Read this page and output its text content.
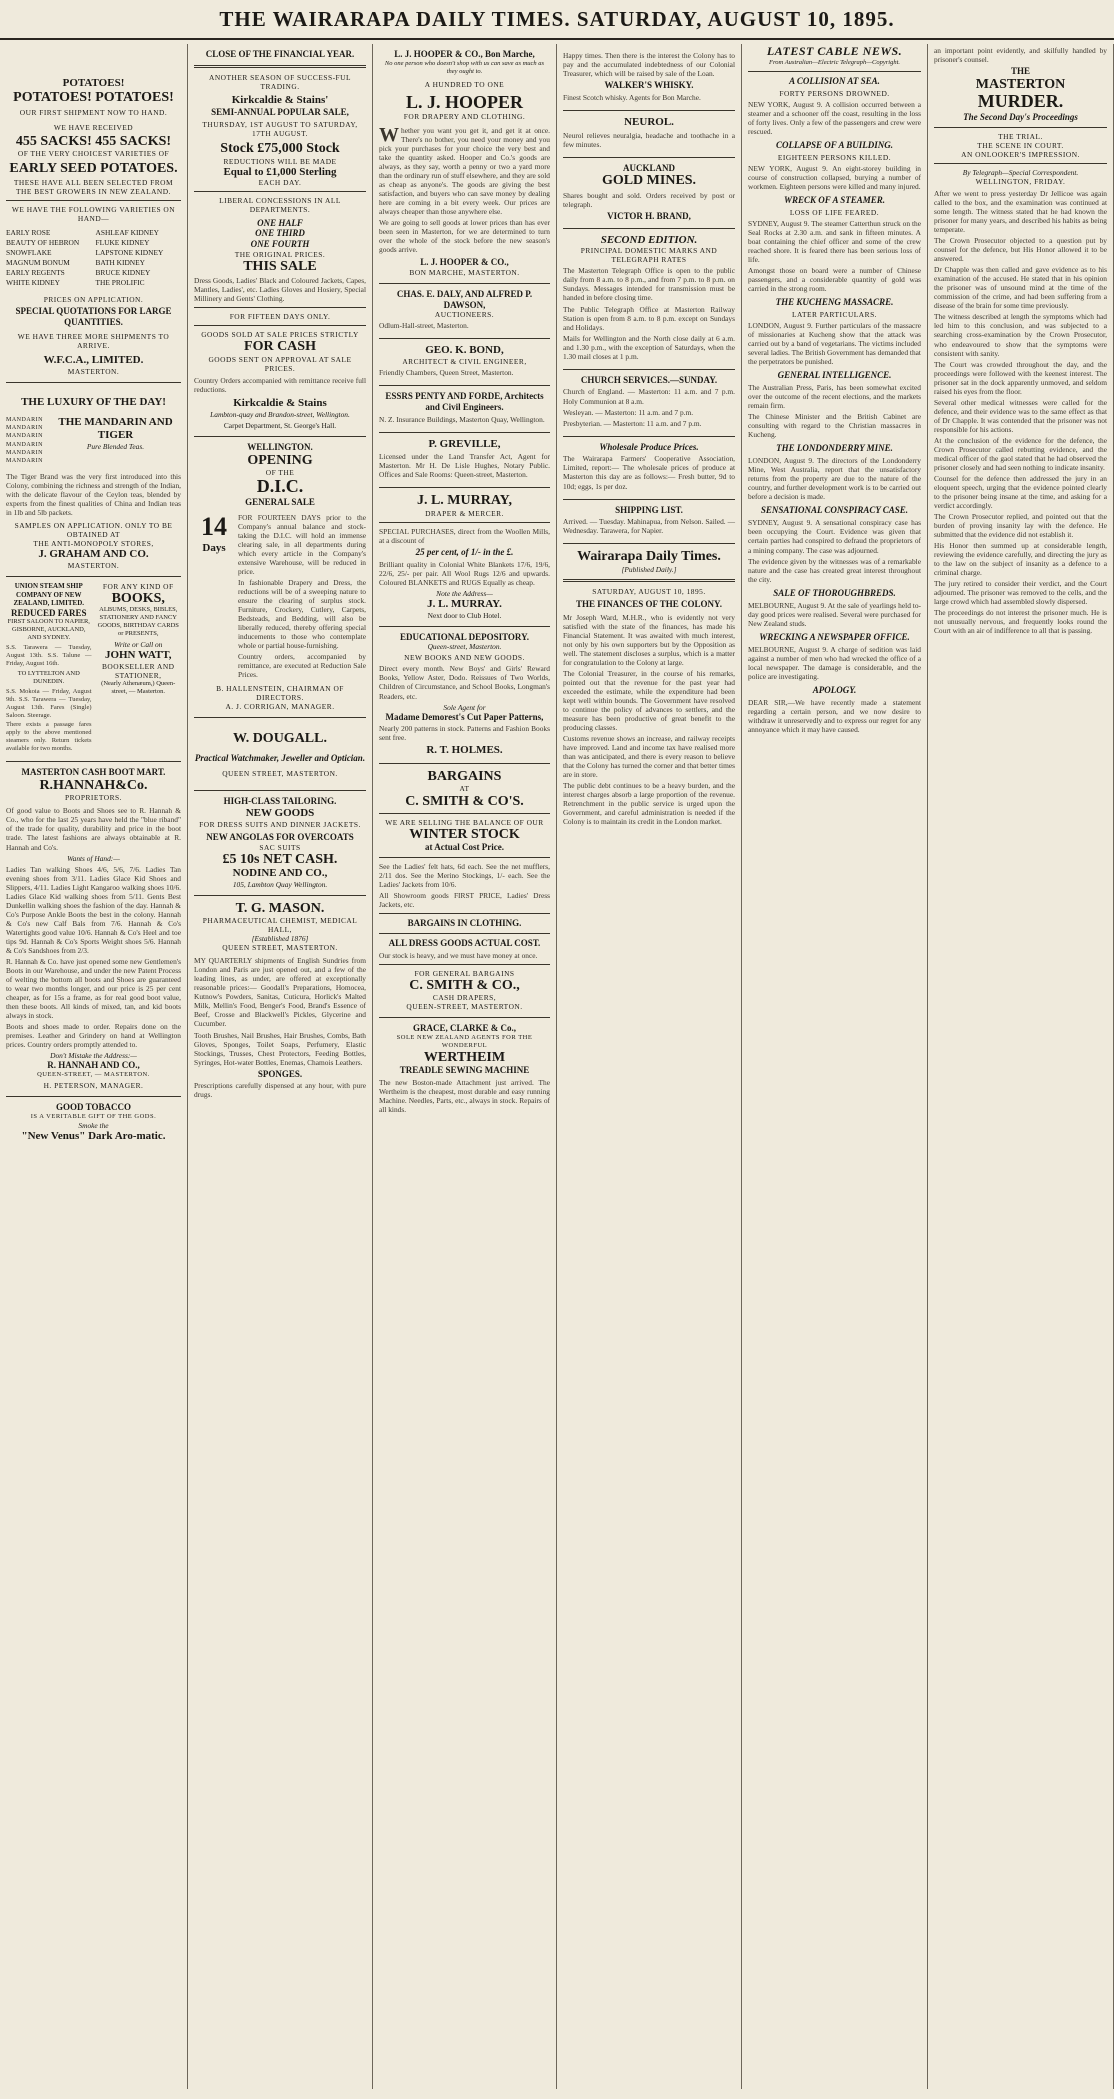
THE WAIRARAPA DAILY TIMES. SATURDAY, AUGUST 10, 1895.
POTATOES!
POTATOES! POTATOES!
OUR FIRST SHIPMENT NOW TO HAND.
WE HAVE RECEIVED
455 SACKS! 455 SACKS!
OF THE VERY CHOICEST VARIETIES OF
EARLY SEED POTATOES.
THESE HAVE ALL BEEN SELECTED FROM THE BEST GROWERS IN NEW ZEALAND.
WE HAVE THE FOLLOWING VARIETIES ON HAND—
EARLY ROSE
BEAUTY OF HEBRON
SNOWFLAKE
MAGNUM BONUM
EARLY REGENTS
WHITE KIDNEY
ASHLEAF KIDNEY
FLUKE KIDNEY
LAPSTONE KIDNEY
BATH KIDNEY
BRUCE KIDNEY
THE PROLIFIC
PRICES ON APPLICATION.
SPECIAL QUOTATIONS FOR LARGE QUANTITIES.
WE HAVE THREE MORE SHIPMENTS TO ARRIVE.
W.F.C.A., LIMITED.
MASTERTON.
THE LUXURY OF THE DAY!
MANDARIN
MANDARIN
MANDARIN
MANDARIN
MANDARIN
MANDARIN
THE MANDARIN AND TIGER
Pure Blended Teas.

The Tiger Brand was the very first introduced into this Colony, combining the richness and strength of the Indian, with the delicate flavour of the Ceylon teas, blended by experts from the finest qualities of China and Indian teas in 1lb and 5lb packets.

SAMPLES ON APPLICATION. ONLY TO BE OBTAINED AT
THE ANTI-MONOPOLY STORES,
J. GRAHAM AND CO.
MASTERTON.
UNION STEAM SHIP COMPANY OF NEW ZEALAND, LIMITED.
REDUCED FARES
FIRST SALOON TO NAPIER, GISBORNE, AUCKLAND, AND SYDNEY.

S.S. Tarawera — Tuesday, August 13th. S.S. Talune — Friday, August 16th.

TO LYTTELTON AND DUNEDIN.

S.S. Mokoia — Friday, August 9th. S.S. Tarawera — Tuesday, August 13th. Fares (Single) Saloon. Steerage.

There exists a passage fares apply to the above mentioned steamers only. Return tickets available for two months.

FOR ANY KIND OF
BOOKS,
ALBUMS, DESKS, BIBLES, STATIONERY AND FANCY GOODS, BIRTHDAY CARDS or PRESENTS,
Write or Call on
JOHN WATT,
BOOKSELLER AND STATIONER,
(Nearly Athenæum,) Queen-street, — Masterton.
MASTERTON CASH BOOT MART.
R.HANNAH&Co.
PROPRIETORS.

Of good value to Boots and Shoes see to R. Hannah & Co., who for the last 25 years have held the "blue riband" of the trade for quality, durability and price in the boot trade. The latest fashions are always obtainable at R. Hannah and Co's.

Wants of Hand:—

Ladies Tan walking Shoes 4/6, 5/6, 7/6. Ladies Tan evening shoes from 3/11. Ladies Glace Kid Shoes and Slippers, 4/11. Ladies Light Kangaroo walking shoes 10/6. Ladies Glace Kid walking shoes from 5/11. Gents Best Dunkellin walking shoes the fashion of the day. Hannah & Co's Purpose Ankle Boots the best in the colony. Hannah & Co's new Calf Bals from 7/6. Hannah & Co's Watertights good value 10/6. Hannah & Co's Heel and toe tips 9d. Hannah & Co's Sports Weight shoes 5/6. Hannah & Co's Sandshoes from 2/3.

R. Hannah & Co. have just opened some new Gentlemen's Boots in our Warehouse, and under the new Patent Process of welting the bottom all boots and Shoes are guaranteed to wear two months longer, and our price is 25 per cent cheaper, as for 15s a frame, as for real good boot value, then these boots. All kinds of mixed, tan, and kid boots always in stock.

Boots and shoes made to order. Repairs done on the premises. Leather and Grindery on hand at Wellington prices. Country orders promptly attended to.

Don't Mistake the Address:—
R. HANNAH AND CO.,
QUEEN-STREET, — MASTERTON.
H. PETERSON, MANAGER.
GOOD TOBACCO
IS A VERITABLE GIFT OF THE GODS.
Smoke the
"New Venus" Dark Aro-matic.
CLOSE OF THE FINANCIAL YEAR.
ANOTHER SEASON OF SUCCESS-FUL TRADING.
Kirkcaldie & Stains'
SEMI-ANNUAL POPULAR SALE,
THURSDAY, 1ST AUGUST TO SATURDAY, 17TH AUGUST.
Stock £75,000 Stock
REDUCTIONS WILL BE MADE
Equal to £1,000 Sterling
EACH DAY.
LIBERAL CONCESSIONS IN ALL DEPARTMENTS.
ONE HALF
ONE THIRD
ONE FOURTH
THE ORIGINAL PRICES.
THIS SALE

Dress Goods, Ladies' Black and Coloured Jackets, Capes, Mantles, Ladies', etc. Ladies Gloves and Hosiery, Special Millinery and Gents' Clothing.

FOR FIFTEEN DAYS ONLY.
GOODS SOLD AT SALE PRICES STRICTLY
FOR CASH
GOODS SENT ON APPROVAL AT SALE PRICES.

Country Orders accompanied with remittance receive full reductions.

Kirkcaldie & Stains
Lambton-quay and Brandon-street, Wellington.
Carpet Department, St. George's Hall.
WELLINGTON.
OPENING
OF THE
D.I.C.
GENERAL SALE
14
Days

FOR FOURTEEN DAYS prior to the Company's annual balance and stock-taking the D.I.C. will hold an immense clearing sale, in all departments during which every article in the Company's extensive Warehouse, will be reduced in price.

In fashionable Drapery and Dress, the reductions will be of a sweeping nature to ensure the clearing of surplus stock. Furniture, Crockery, Cutlery, Carpets, Bedsteads, and Bedding, will also be liberally reduced, thereby offering special inducements to those who contemplate whole or partial house-furnishing.

Country orders, accompanied by remittance, are executed at Reduction Sale Prices.

B. HALLENSTEIN, CHAIRMAN OF DIRECTORS.
A. J. CORRIGAN, MANAGER.
W. DOUGALL.
Practical Watchmaker, Jeweller and Optician.
QUEEN STREET, MASTERTON.
HIGH-CLASS TAILORING.
NEW GOODS
FOR DRESS SUITS AND DINNER JACKETS.
NEW ANGOLAS FOR OVERCOATS
SAC SUITS
£5 10s NET CASH.
NODINE AND CO.,
105, Lambton Quay Wellington.
T. G. MASON.
PHARMACEUTICAL CHEMIST, MEDICAL HALL,
[Established 1876]
QUEEN STREET, MASTERTON.

MY QUARTERLY shipments of English Sundries from London and Paris are just opened out, and a few of the leading lines, as under, are offered at exceptionally reasonable prices:— Goodall's Preparations, Homocea, Kutnow's Powders, Sanitas, Cuticura, Horlick's Malted Milk, Mellin's Food, Benger's Food, Brand's Essence of Beef, Crosse and Blackwell's Pickles, Glycerine and Cucumber.

Tooth Brushes, Nail Brushes, Hair Brushes, Combs, Bath Gloves, Sponges, Toilet Soaps, Perfumery, Elastic Stockings, Trusses, Chest Protectors, Feeding Bottles, Syringes, Hot-water Bottles, Enemas, Chamois Leathers.

SPONGES.

Prescriptions carefully dispensed at any hour, with pure drugs.

L. J. HOOPER & CO., Bon Marche,
No one person who doesn't shop with us can save as much as they ought to.
A HUNDRED TO ONE
L. J. HOOPER
FOR DRAPERY AND CLOTHING.

Whether you want you get it, and get it at once. There's no bother, you need your money and you pick your purchases for your choice the very best and take the quantity asked. Hooper and Co.'s goods are always, as they say, worth a penny or two a yard more than the ordinary run of stuff elsewhere, and they are sold as cheap as anyone's. The goods are giving the best satisfaction, and buyers who can save money by dealing here are coming in a bit every week. Our prices are always cheaper than those anywhere else.

We are going to sell goods at lower prices than has ever been seen in Masterton, for we are determined to turn over the whole of the stock before the new season's goods arrive.

L. J. HOOPER & CO.,
BON MARCHE, MASTERTON.
CHAS. E. DALY, AND ALFRED P. DAWSON,
AUCTIONEERS.

Odlum-Hall-street, Masterton.

GEO. K. BOND,
ARCHITECT & CIVIL ENGINEER,

Friendly Chambers, Queen Street, Masterton.

ESSRS PENTY AND FORDE, Architects and Civil Engineers.

N. Z. Insurance Buildings, Masterton Quay, Wellington.

P. GREVILLE,

Licensed under the Land Transfer Act, Agent for Masterton. Mr H. De Lisle Hughes, Notary Public. Offices and Sale Rooms: Queen-street, Masterton.

J. L. MURRAY,
DRAPER & MERCER.

SPECIAL PURCHASES, direct from the Woollen Mills, at a discount of

25 per cent, of 1/- in the £.

Brilliant quality in Colonial White Blankets 17/6, 19/6, 22/6, 25/- per pair. All Wool Rugs 12/6 and upwards. Coloured BLANKETS and RUGS Equally as cheap.

Note the Address—
J. L. MURRAY.
Next door to Club Hotel.
EDUCATIONAL DEPOSITORY.
Queen-street, Masterton.
NEW BOOKS AND NEW GOODS.

Direct every month. New Boys' and Girls' Reward Books, Yellow Aster, Dodo. Reissues of Two Worlds, Children of Circumstance, and School Books, Longman's Readers, etc.

Sole Agent for
Madame Demorest's Cut Paper Patterns,

Nearly 200 patterns in stock. Patterns and Fashion Books sent free.

R. T. HOLMES.
BARGAINS
AT
C. SMITH & CO'S.
WE ARE SELLING THE BALANCE OF OUR
WINTER STOCK
at Actual Cost Price.

See the Ladies' felt hats, 6d each. See the net mufflers, 2/11 dos. See the Merino Stockings, 1/- each. See the Ladies' Jackets from 10/6.

All Showroom goods FIRST PRICE, Ladies' Dress Jackets, etc.

BARGAINS IN CLOTHING.
ALL DRESS GOODS ACTUAL COST.

Our stock is heavy, and we must have money at once.

FOR GENERAL BARGAINS
C. SMITH & CO.,
CASH DRAPERS,
QUEEN-STREET, MASTERTON.
GRACE, CLARKE & Co.,
SOLE NEW ZEALAND AGENTS FOR THE WONDERFUL
WERTHEIM
TREADLE SEWING MACHINE

The new Boston-made Attachment just arrived. The Wertheim is the cheapest, most durable and easy running Machine. Needles, Parts, etc., always in stock. Repairs of all kinds.

Happy times. Then there is the interest the Colony has to pay and the accumulated indebtedness of our Colonial Treasurer, which will be raised by sale of the Loan.

WALKER'S WHISKY.

Finest Scotch whisky. Agents for Bon Marche.

NEUROL.

Neurol relieves neuralgia, headache and toothache in a few minutes.

AUCKLAND
GOLD MINES.

Shares bought and sold. Orders received by post or telegraph.

VICTOR H. BRAND,
SECOND EDITION.
PRINCIPAL DOMESTIC MARKS AND TELEGRAPH RATES

The Masterton Telegraph Office is open to the public daily from 8 a.m. to 8 p.m., and from 7 p.m. to 8 p.m. on Sundays. Messages intended for transmission must be handed in before closing time.

The Public Telegraph Office at Masterton Railway Station is open from 8 a.m. to 8 p.m. except on Sundays and Holidays.

Mails for Wellington and the North close daily at 6 a.m. and 1.30 p.m., with the exception of Saturdays, when the 1.30 mail closes at 1 p.m.

CHURCH SERVICES.—SUNDAY.

Church of England. — Masterton: 11 a.m. and 7 p.m. Holy Communion at 8 a.m.

Wesleyan. — Masterton: 11 a.m. and 7 p.m.

Presbyterian. — Masterton: 11 a.m. and 7 p.m.

Wholesale Produce Prices.

The Wairarapa Farmers' Cooperative Association, Limited, report:— The wholesale prices of produce at Masterton this day are as follows:— Fresh butter, 9d to 10d; eggs, 1s per doz.

SHIPPING LIST.

Arrived. — Tuesday. Mahinapua, from Nelson. Sailed. — Wednesday. Tarawera, for Napier.

Wairarapa Daily Times.
[Published Daily.]
SATURDAY, AUGUST 10, 1895.
THE FINANCES OF THE COLONY.

Mr Joseph Ward, M.H.R., who is evidently not very satisfied with the state of the finances, has made his Financial Statement. It was awaited with much interest, not only by his own supporters but by the Opposition as well. The statement discloses a surplus, which is a matter for congratulation to the Colony at large.

The Colonial Treasurer, in the course of his remarks, pointed out that the revenue for the past year had exceeded the estimate, while the expenditure had been kept well within bounds. The Government have resolved to continue the policy of advances to settlers, and the measure has been productive of great benefit to the producing classes.

Customs revenue shows an increase, and railway receipts have improved. Land and income tax have realised more than was anticipated, and there is every reason to believe that the Colony has turned the corner and that better times are in store.

The public debt continues to be a heavy burden, and the interest charges absorb a large proportion of the revenue. Retrenchment in the public service is urged upon the Government, and careful administration is needed if the Colony is to maintain its credit in the London market.

LATEST CABLE NEWS.
From Australian—Electric Telegraph—Copyright.
A COLLISION AT SEA.
FORTY PERSONS DROWNED.

NEW YORK, August 9. A collision occurred between a steamer and a schooner off the coast, resulting in the loss of forty lives. Only a few of the passengers and crew were rescued.

COLLAPSE OF A BUILDING.
EIGHTEEN PERSONS KILLED.

NEW YORK, August 9. An eight-storey building in course of construction collapsed, burying a number of workmen. Eighteen persons were killed and many injured.

WRECK OF A STEAMER.
LOSS OF LIFE FEARED.

SYDNEY, August 9. The steamer Catterthun struck on the Seal Rocks at 2.30 a.m. and sank in fifteen minutes. A boat containing the chief officer and some of the crew reached shore. It is feared there has been serious loss of life.

Amongst those on board were a number of Chinese passengers, and a considerable quantity of gold was carried in the strong room.

THE KUCHENG MASSACRE.
LATER PARTICULARS.

LONDON, August 9. Further particulars of the massacre of missionaries at Kucheng show that the attack was carried out by a band of vegetarians. The victims included several ladies. The British Government has demanded that the perpetrators be punished.

GENERAL INTELLIGENCE.

The Australian Press, Paris, has been somewhat excited over the outcome of the recent elections, and the markets remain firm.

The Chinese Minister and the British Cabinet are consulting with regard to the Christian massacres in Kucheng.

THE LONDONDERRY MINE.

LONDON, August 9. The directors of the Londonderry Mine, West Australia, report that the unsatisfactory returns from the property are due to the nature of the country, and further development work is to be carried out before a decision is made.

SENSATIONAL CONSPIRACY CASE.

SYDNEY, August 9. A sensational conspiracy case has been occupying the Court. Evidence was given that certain parties had conspired to defraud the proprietors of a mining company. The case was adjourned.

The evidence given by the witnesses was of a remarkable nature and the case has created great interest throughout the city.

SALE OF THOROUGHBREDS.

MELBOURNE, August 9. At the sale of yearlings held to-day good prices were realised. Several were purchased for New Zealand studs.

WRECKING A NEWSPAPER OFFICE.

MELBOURNE, August 9. A charge of sedition was laid against a number of men who had wrecked the office of a local newspaper. The damage is considerable, and the police are investigating.

APOLOGY.

DEAR SIR,—We have recently made a statement regarding a certain person, and we now desire to withdraw it unreservedly and to express our regret for any annoyance which it may have caused.

an important point evidently, and skilfully handled by prisoner's counsel.

THE
MASTERTON
MURDER.
The Second Day's Proceedings
THE TRIAL.
THE SCENE IN COURT.
AN ONLOOKER'S IMPRESSION.
By Telegraph—Special Correspondent.
WELLINGTON, FRIDAY.

After we went to press yesterday Dr Jellicoe was again called to the box, and the examination was continued at some length. The witness stated that he had known the prisoner for many years, and described his habits as being temperate.

The Crown Prosecutor objected to a question put by counsel for the defence, but His Honor allowed it to be answered.

Dr Chapple was then called and gave evidence as to his examination of the accused. He stated that in his opinion the prisoner was of unsound mind at the time of the commission of the crime, and had been suffering from a disease of the brain for some time previously.

The witness described at length the symptoms which had led him to this conclusion, and was subjected to a searching cross-examination by the Crown Prosecutor, who endeavoured to show that the symptoms were consistent with sanity.

The Court was crowded throughout the day, and the proceedings were followed with the keenest interest. The prisoner sat in the dock apparently unmoved, and seldom raised his eyes from the floor.

Several other medical witnesses were called for the defence, and their evidence was to the same effect as that of Dr Chapple. It was contended that the prisoner was not responsible for his actions.

At the conclusion of the evidence for the defence, the Crown Prosecutor called rebutting evidence, and the medical officer of the gaol stated that he had observed the prisoner closely and had seen nothing to indicate insanity.

Counsel for the defence then addressed the jury in an eloquent speech, urging that the evidence pointed clearly to the prisoner being insane at the time, and asking for a verdict accordingly.

The Crown Prosecutor replied, and pointed out that the burden of proving insanity lay with the defence. He submitted that the evidence did not establish it.

His Honor then summed up at considerable length, reviewing the evidence carefully, and directing the jury as to the law on the subject of insanity as a defence to a criminal charge.

The jury retired to consider their verdict, and the Court adjourned. The prisoner was removed to the cells, and the large crowd which had assembled slowly dispersed.

The proceedings do not interest the prisoner much. He is not unusually nervous, and frequently looks round the Court with an air of indifference to all that is passing.
